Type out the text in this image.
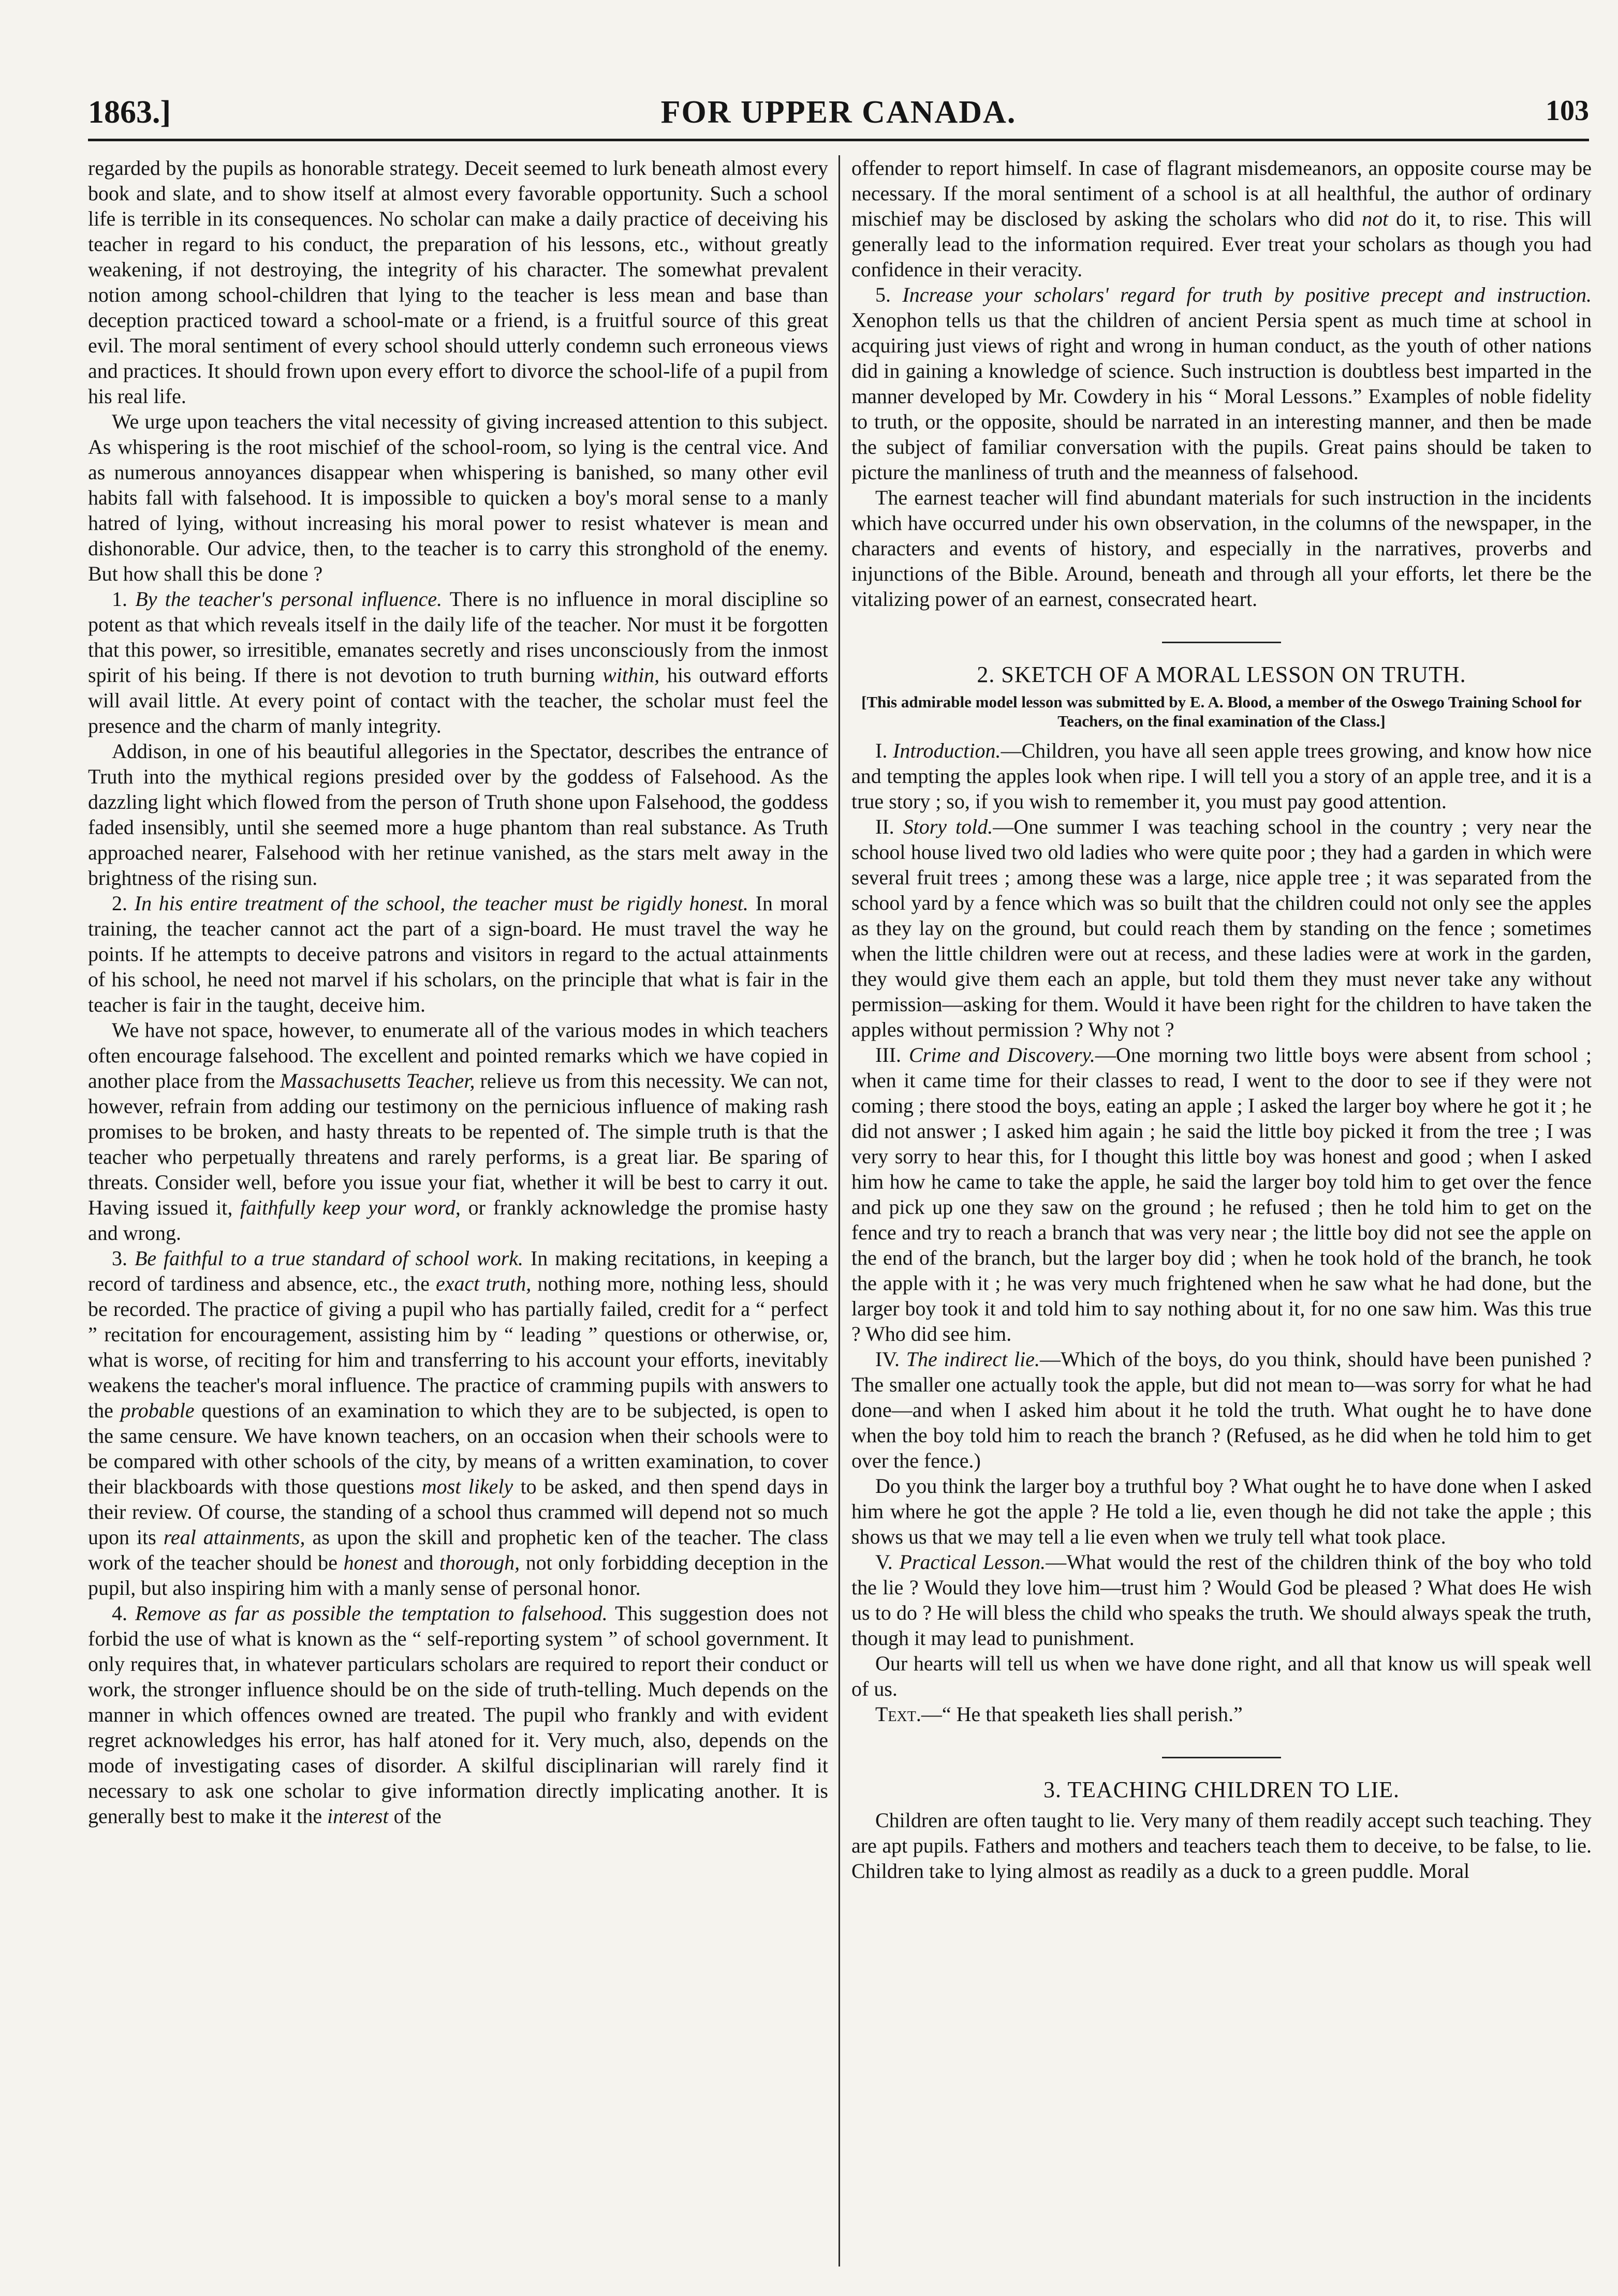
1863.]	FOR UPPER CANADA.	103

regarded by the pupils as honorable strategy. Deceit seemed to lurk beneath almost every book and slate, and to show itself at almost every favorable opportunity. Such a school life is terrible in its consequences. No scholar can make a daily practice of deceiving his teacher in regard to his conduct, the preparation of his lessons, etc., without greatly weakening, if not destroying, the integrity of his character. The somewhat prevalent notion among school-children that lying to the teacher is less mean and base than deception practiced toward a school-mate or a friend, is a fruitful source of this great evil. The moral sentiment of every school should utterly condemn such erroneous views and practices. It should frown upon every effort to divorce the school-life of a pupil from his real life.

We urge upon teachers the vital necessity of giving increased attention to this subject. As whispering is the root mischief of the school-room, so lying is the central vice. And as numerous annoyances disappear when whispering is banished, so many other evil habits fall with falsehood. It is impossible to quicken a boy's moral sense to a manly hatred of lying, without increasing his moral power to resist whatever is mean and dishonorable. Our advice, then, to the teacher is to carry this stronghold of the enemy. But how shall this be done ?

1. By the teacher's personal influence. There is no influence in moral discipline so potent as that which reveals itself in the daily life of the teacher. Nor must it be forgotten that this power, so irresitible, emanates secretly and rises unconsciously from the inmost spirit of his being. If there is not devotion to truth burning within, his outward efforts will avail little. At every point of contact with the teacher, the scholar must feel the presence and the charm of manly integrity.

Addison, in one of his beautiful allegories in the Spectator, describes the entrance of Truth into the mythical regions presided over by the goddess of Falsehood. As the dazzling light which flowed from the person of Truth shone upon Falsehood, the goddess faded insensibly, until she seemed more a huge phantom than real substance. As Truth approached nearer, Falsehood with her retinue vanished, as the stars melt away in the brightness of the rising sun.

2. In his entire treatment of the school, the teacher must be rigidly honest. In moral training, the teacher cannot act the part of a sign-board. He must travel the way he points. If he attempts to deceive patrons and visitors in regard to the actual attainments of his school, he need not marvel if his scholars, on the principle that what is fair in the teacher is fair in the taught, deceive him.

We have not space, however, to enumerate all of the various modes in which teachers often encourage falsehood. The excellent and pointed remarks which we have copied in another place from the Massachusetts Teacher, relieve us from this necessity. We can not, however, refrain from adding our testimony on the pernicious influence of making rash promises to be broken, and hasty threats to be repented of. The simple truth is that the teacher who perpetually threatens and rarely performs, is a great liar. Be sparing of threats. Consider well, before you issue your fiat, whether it will be best to carry it out. Having issued it, faithfully keep your word, or frankly acknowledge the promise hasty and wrong.

3. Be faithful to a true standard of school work. In making recitations, in keeping a record of tardiness and absence, etc., the exact truth, nothing more, nothing less, should be recorded. The practice of giving a pupil who has partially failed, credit for a “ perfect ” recitation for encouragement, assisting him by “ leading ” questions or otherwise, or, what is worse, of reciting for him and transferring to his account your efforts, inevitably weakens the teacher's moral influence. The practice of cramming pupils with answers to the probable questions of an examination to which they are to be subjected, is open to the same censure. We have known teachers, on an occasion when their schools were to be compared with other schools of the city, by means of a written examination, to cover their blackboards with those questions most likely to be asked, and then spend days in their review. Of course, the standing of a school thus crammed will depend not so much upon its real attainments, as upon the skill and prophetic ken of the teacher. The class work of the teacher should be honest and thorough, not only forbidding deception in the pupil, but also inspiring him with a manly sense of personal honor.

4. Remove as far as possible the temptation to falsehood. This suggestion does not forbid the use of what is known as the “ self-reporting system ” of school government. It only requires that, in whatever particulars scholars are required to report their conduct or work, the stronger influence should be on the side of truth-telling. Much depends on the manner in which offences owned are treated. The pupil who frankly and with evident regret acknowledges his error, has half atoned for it. Very much, also, depends on the mode of investigating cases of disorder. A skilful disciplinarian will rarely find it necessary to ask one scholar to give information directly implicating another. It is generally best to make it the interest of the

offender to report himself. In case of flagrant misdemeanors, an opposite course may be necessary. If the moral sentiment of a school is at all healthful, the author of ordinary mischief may be disclosed by asking the scholars who did not do it, to rise. This will generally lead to the information required. Ever treat your scholars as though you had confidence in their veracity.

5. Increase your scholars' regard for truth by positive precept and instruction. Xenophon tells us that the children of ancient Persia spent as much time at school in acquiring just views of right and wrong in human conduct, as the youth of other nations did in gaining a knowledge of science. Such instruction is doubtless best imparted in the manner developed by Mr. Cowdery in his “ Moral Lessons.” Examples of noble fidelity to truth, or the opposite, should be narrated in an interesting manner, and then be made the subject of familiar conversation with the pupils. Great pains should be taken to picture the manliness of truth and the meanness of falsehood.

The earnest teacher will find abundant materials for such instruction in the incidents which have occurred under his own observation, in the columns of the newspaper, in the characters and events of history, and especially in the narratives, proverbs and injunctions of the Bible. Around, beneath and through all your efforts, let there be the vitalizing power of an earnest, consecrated heart.

2. SKETCH OF A MORAL LESSON ON TRUTH.
[This admirable model lesson was submitted by E. A. Blood, a member of the Oswego Training School for Teachers, on the final examination of the Class.]

I. Introduction.—Children, you have all seen apple trees growing, and know how nice and tempting the apples look when ripe. I will tell you a story of an apple tree, and it is a true story ; so, if you wish to remember it, you must pay good attention.

II. Story told.—One summer I was teaching school in the country ; very near the school house lived two old ladies who were quite poor ; they had a garden in which were several fruit trees ; among these was a large, nice apple tree ; it was separated from the school yard by a fence which was so built that the children could not only see the apples as they lay on the ground, but could reach them by standing on the fence ; sometimes when the little children were out at recess, and these ladies were at work in the garden, they would give them each an apple, but told them they must never take any without permission—asking for them. Would it have been right for the children to have taken the apples without permission ? Why not ?

III. Crime and Discovery.—One morning two little boys were absent from school ; when it came time for their classes to read, I went to the door to see if they were not coming ; there stood the boys, eating an apple ; I asked the larger boy where he got it ; he did not answer ; I asked him again ; he said the little boy picked it from the tree ; I was very sorry to hear this, for I thought this little boy was honest and good ; when I asked him how he came to take the apple, he said the larger boy told him to get over the fence and pick up one they saw on the ground ; he refused ; then he told him to get on the fence and try to reach a branch that was very near ; the little boy did not see the apple on the end of the branch, but the larger boy did ; when he took hold of the branch, he took the apple with it ; he was very much frightened when he saw what he had done, but the larger boy took it and told him to say nothing about it, for no one saw him. Was this true ? Who did see him.

IV. The indirect lie.—Which of the boys, do you think, should have been punished ? The smaller one actually took the apple, but did not mean to—was sorry for what he had done—and when I asked him about it he told the truth. What ought he to have done when the boy told him to reach the branch ? (Refused, as he did when he told him to get over the fence.)

Do you think the larger boy a truthful boy ? What ought he to have done when I asked him where he got the apple ? He told a lie, even though he did not take the apple ; this shows us that we may tell a lie even when we truly tell what took place.

V. Practical Lesson.—What would the rest of the children think of the boy who told the lie ? Would they love him—trust him ? Would God be pleased ? What does He wish us to do ? He will bless the child who speaks the truth. We should always speak the truth, though it may lead to punishment.

Our hearts will tell us when we have done right, and all that know us will speak well of us.

Text.—“ He that speaketh lies shall perish.”

3. TEACHING CHILDREN TO LIE.

Children are often taught to lie. Very many of them readily accept such teaching. They are apt pupils. Fathers and mothers and teachers teach them to deceive, to be false, to lie. Children take to lying almost as readily as a duck to a green puddle. Moral
